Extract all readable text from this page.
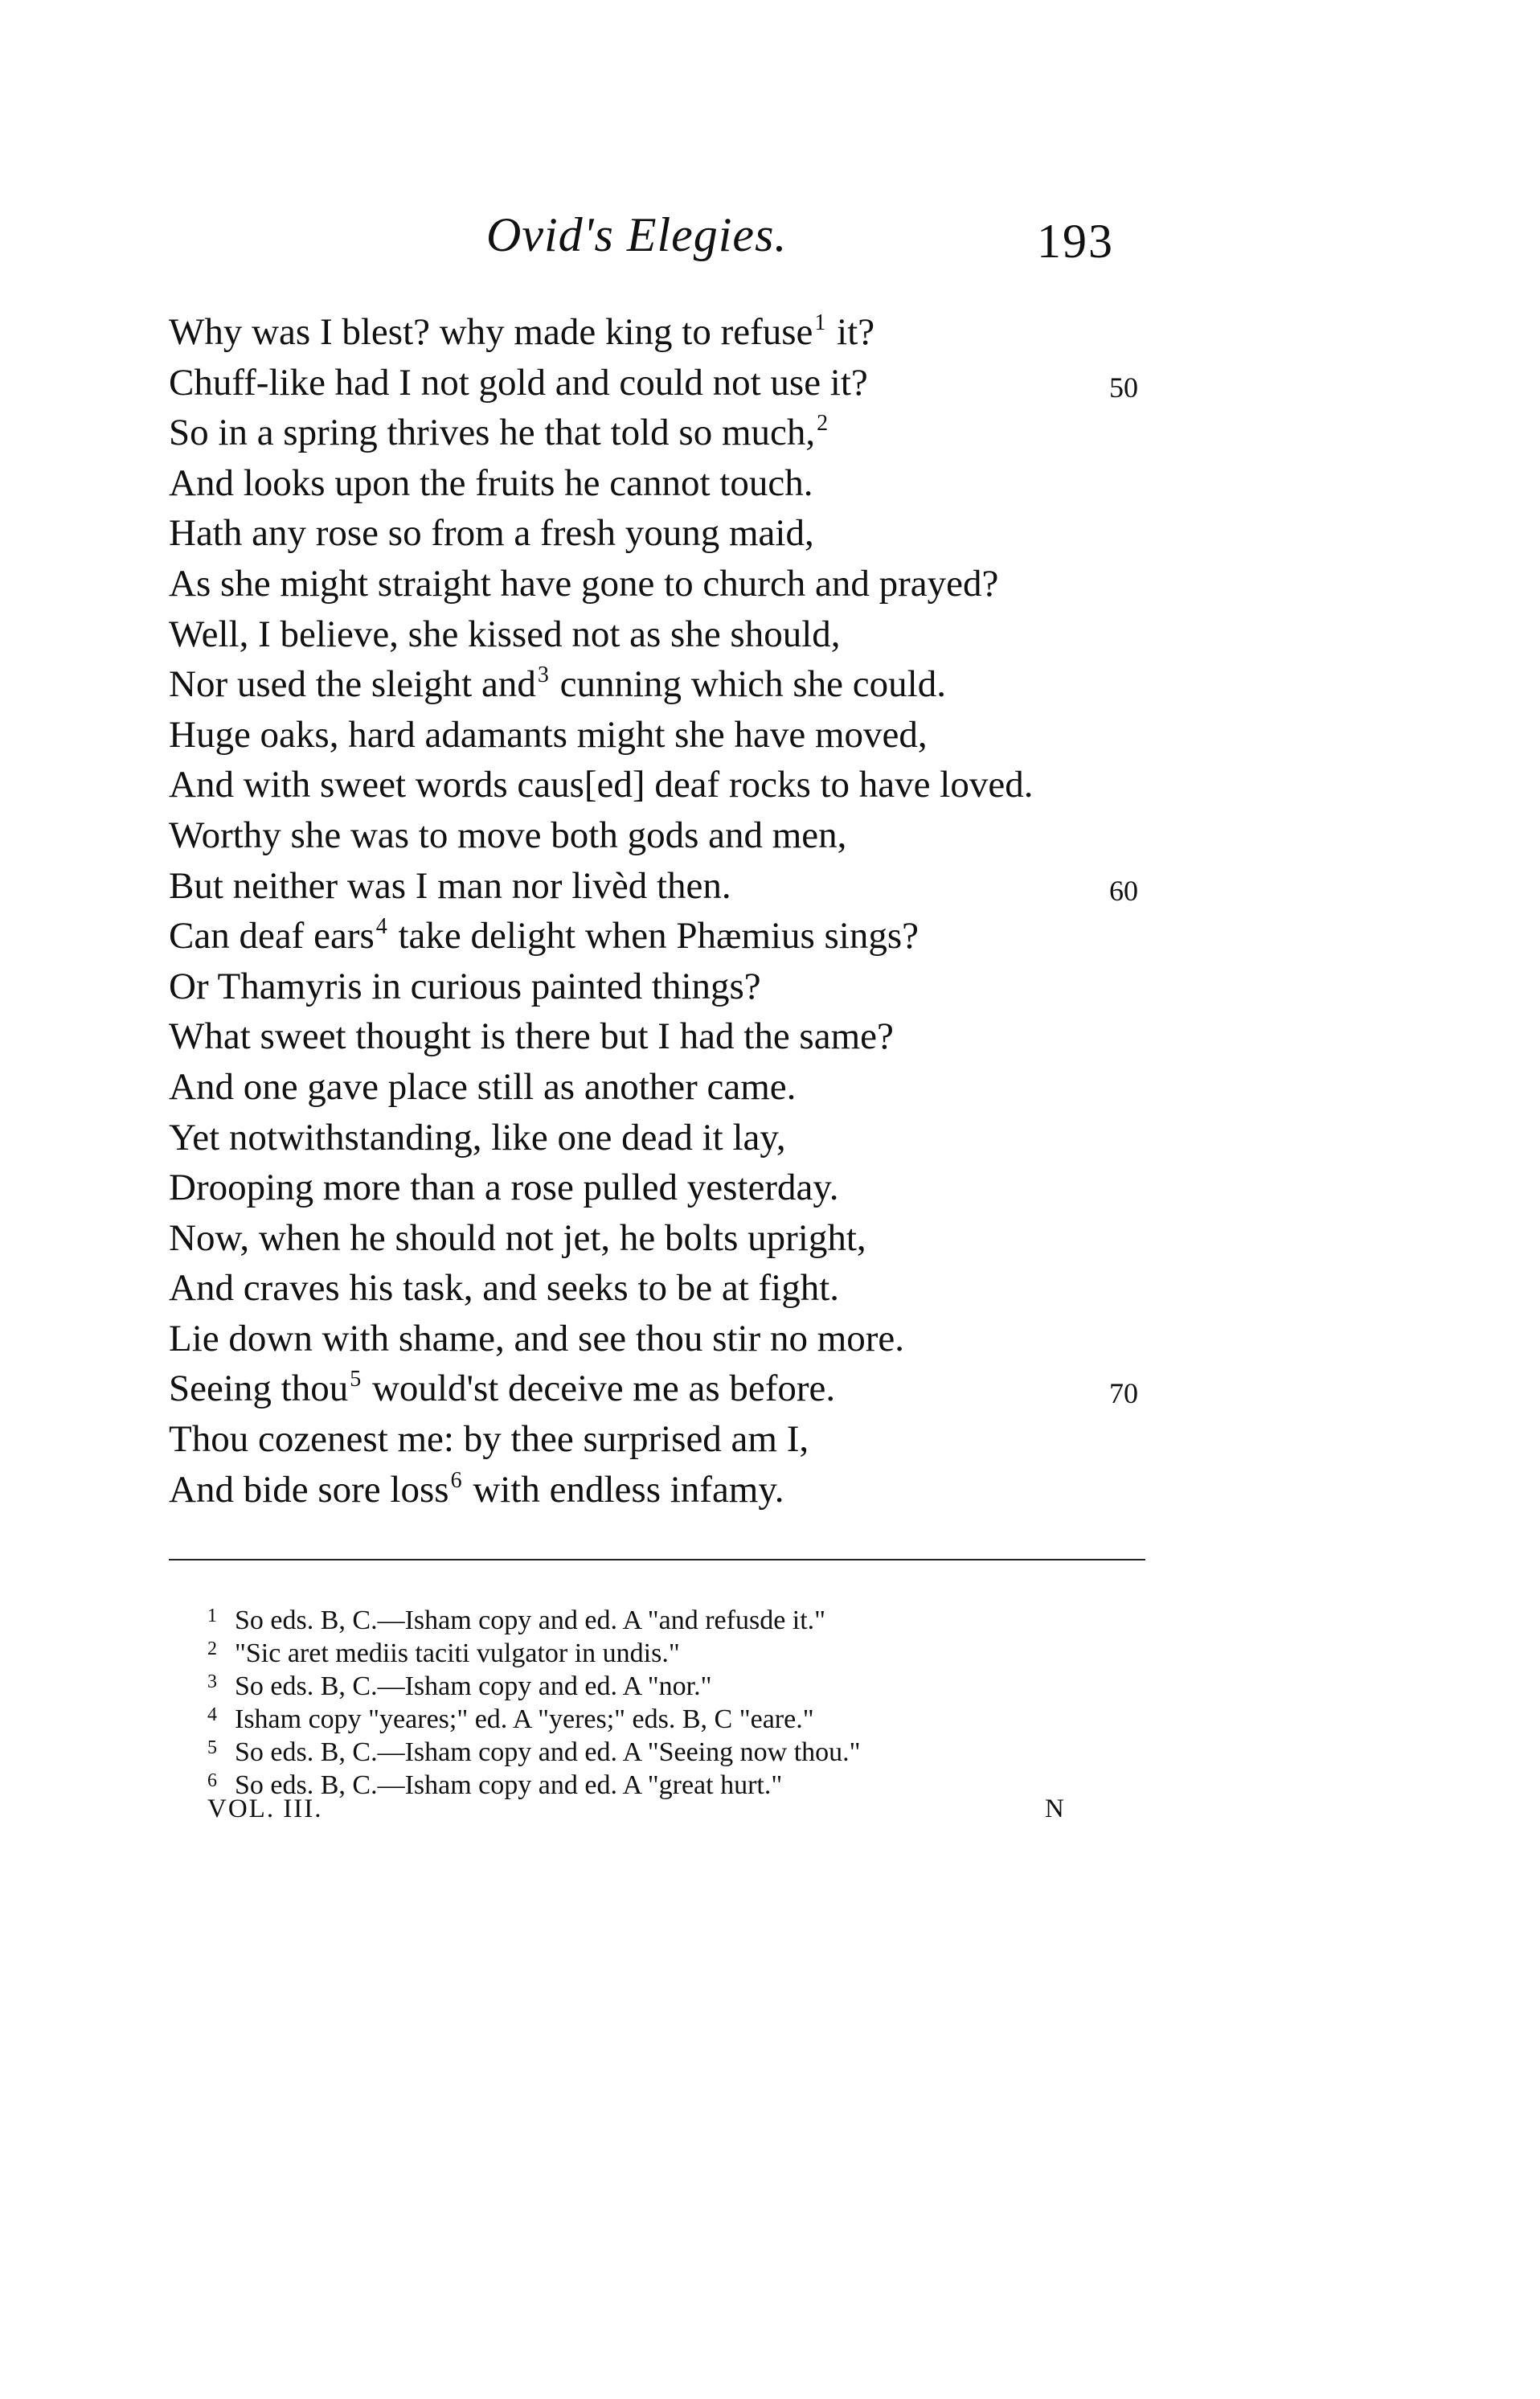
Ovid's Elegies.	193
Why was I blest? why made king to refuse$^1$ it?
Chuff-like had I not gold and could not use it?	50
So in a spring thrives he that told so much,$^2$
And looks upon the fruits he cannot touch.
Hath any rose so from a fresh young maid,
As she might straight have gone to church and prayed?
Well, I believe, she kissed not as she should,
Nor used the sleight and$^3$ cunning which she could.
Huge oaks, hard adamants might she have moved,
And with sweet words caus[ed] deaf rocks to have loved.
Worthy she was to move both gods and men,
But neither was I man nor livèd then.	60
Can deaf ears$^4$ take delight when Phæmius sings?
Or Thamyris in curious painted things?
What sweet thought is there but I had the same?
And one gave place still as another came.
Yet notwithstanding, like one dead it lay,
Drooping more than a rose pulled yesterday.
Now, when he should not jet, he bolts upright,
And craves his task, and seeks to be at fight.
Lie down with shame, and see thou stir no more.
Seeing thou$^5$ would'st deceive me as before.	70
Thou cozenest me: by thee surprised am I,
And bide sore loss$^6$ with endless infamy.
1 So eds. B, C.—Isham copy and ed. A "and refusde it."
2 "Sic aret mediis taciti vulgator in undis."
3 So eds. B, C.—Isham copy and ed. A "nor."
4 Isham copy "yeares;" ed. A "yeres;" eds. B, C "eare."
5 So eds. B, C.—Isham copy and ed. A "Seeing now thou."
6 So eds. B, C.—Isham copy and ed. A "great hurt."
VOL. III.	N
